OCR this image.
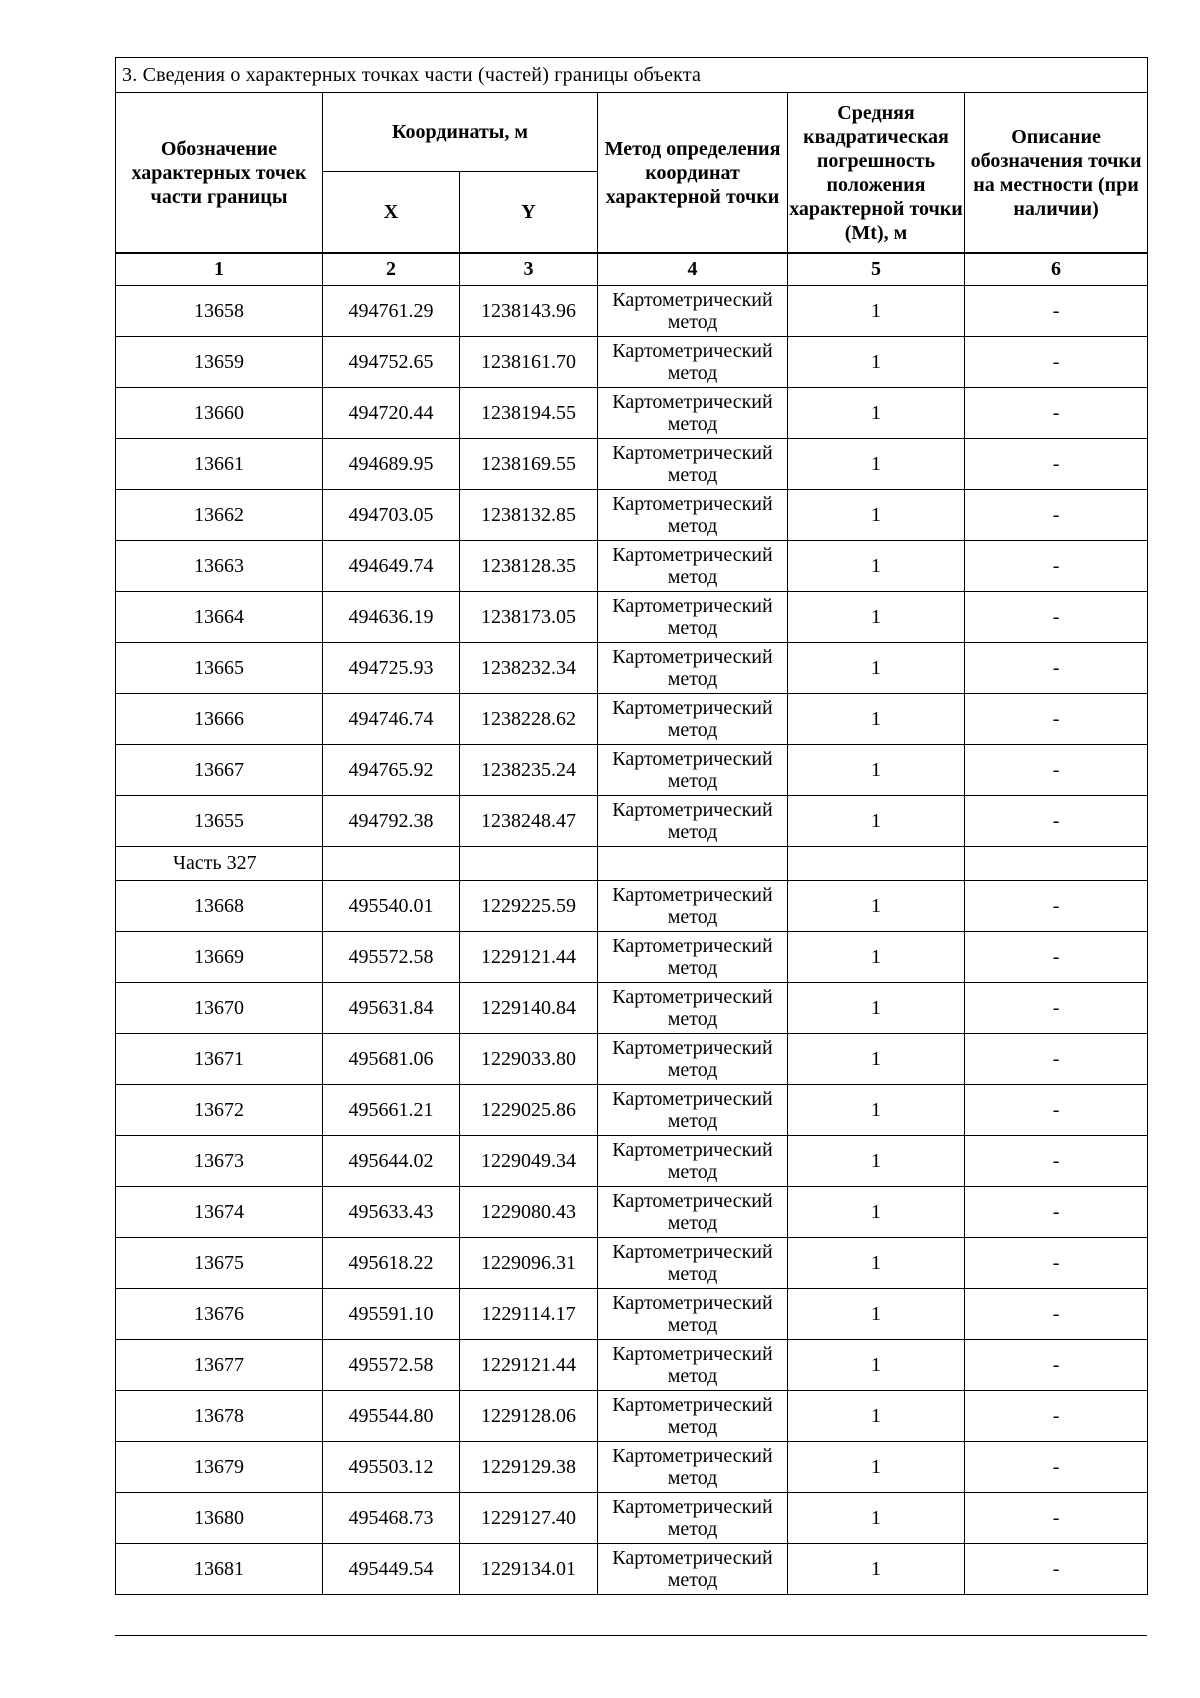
3. Сведения о характерных точках части (частей) границы объекта					
Обозначение характерных точек части границы	Координаты, м		Метод определения координат характерной точки	Средняя квадратическая погрешность положения характерной точки (Mt), м	Описание обозначения точки на местности (при наличии)
	X	Y			
1	2	3	4	5	6
13658	494761.29	1238143.96	Картометрический метод	1	-
13659	494752.65	1238161.70	Картометрический метод	1	-
13660	494720.44	1238194.55	Картометрический метод	1	-
13661	494689.95	1238169.55	Картометрический метод	1	-
13662	494703.05	1238132.85	Картометрический метод	1	-
13663	494649.74	1238128.35	Картометрический метод	1	-
13664	494636.19	1238173.05	Картометрический метод	1	-
13665	494725.93	1238232.34	Картометрический метод	1	-
13666	494746.74	1238228.62	Картометрический метод	1	-
13667	494765.92	1238235.24	Картометрический метод	1	-
13655	494792.38	1238248.47	Картометрический метод	1	-
Часть 327					
13668	495540.01	1229225.59	Картометрический метод	1	-
13669	495572.58	1229121.44	Картометрический метод	1	-
13670	495631.84	1229140.84	Картометрический метод	1	-
13671	495681.06	1229033.80	Картометрический метод	1	-
13672	495661.21	1229025.86	Картометрический метод	1	-
13673	495644.02	1229049.34	Картометрический метод	1	-
13674	495633.43	1229080.43	Картометрический метод	1	-
13675	495618.22	1229096.31	Картометрический метод	1	-
13676	495591.10	1229114.17	Картометрический метод	1	-
13677	495572.58	1229121.44	Картометрический метод	1	-
13678	495544.80	1229128.06	Картометрический метод	1	-
13679	495503.12	1229129.38	Картометрический метод	1	-
13680	495468.73	1229127.40	Картометрический метод	1	-
13681	495449.54	1229134.01	Картометрический метод	1	-
